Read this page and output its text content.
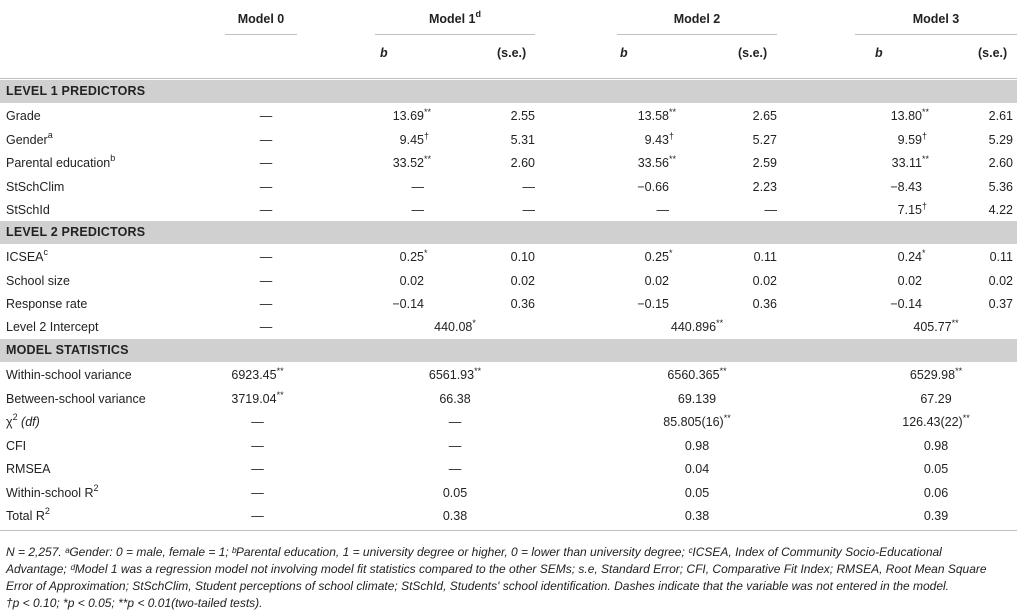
Model 0	Model 1$^d$	Model 2	Model 3
b	(s.e.)	b	(s.e.)	b	(s.e.)
LEVEL 1 PREDICTORS
Grade	—	13.69**	2.55	13.58**	2.65	13.80**	2.61
Gender$^a$	—	9.45†	5.31	9.43†	5.27	9.59†	5.29
Parental education$^b$	—	33.52**	2.60	33.56**	2.59	33.11**	2.60
StSchClim	—	—	—	−0.66	2.23	−8.43	5.36
StSchId	—	—	—	—	—	7.15†	4.22
LEVEL 2 PREDICTORS
ICSEA$^c$	—	0.25*	0.10	0.25*	0.11	0.24*	0.11
School size	—	0.02	0.02	0.02	0.02	0.02	0.02
Response rate	—	−0.14	0.36	−0.15	0.36	−0.14	0.37
Level 2 Intercept	—	440.08*	440.896**	405.77**
MODEL STATISTICS
Within-school variance	6923.45**	6561.93**	6560.365**	6529.98**
Between-school variance	3719.04**	66.38	69.139	67.29
$\chi^2$ (df)	—	—	85.805(16)**	126.43(22)**
CFI	—	—	0.98	0.98
RMSEA	—	—	0.04	0.05
Within-school $R^2$	—	0.05	0.05	0.06
Total $R^2$	—	0.38	0.38	0.39
N = 2,257. ᵃGender: 0 = male, female = 1; ᵇParental education, 1 = university degree or higher, 0 = lower than university degree; ᶜICSEA, Index of Community Socio-Educational
Advantage; ᵈModel 1 was a regression model not involving model fit statistics compared to the other SEMs; s.e, Standard Error; CFI, Comparative Fit Index; RMSEA, Root Mean Square
Error of Approximation; StSchClim, Student perceptions of school climate; StSchId, Students' school identification. Dashes indicate that the variable was not entered in the model.
†p < 0.10; *p < 0.05; **p < 0.01(two-tailed tests).
